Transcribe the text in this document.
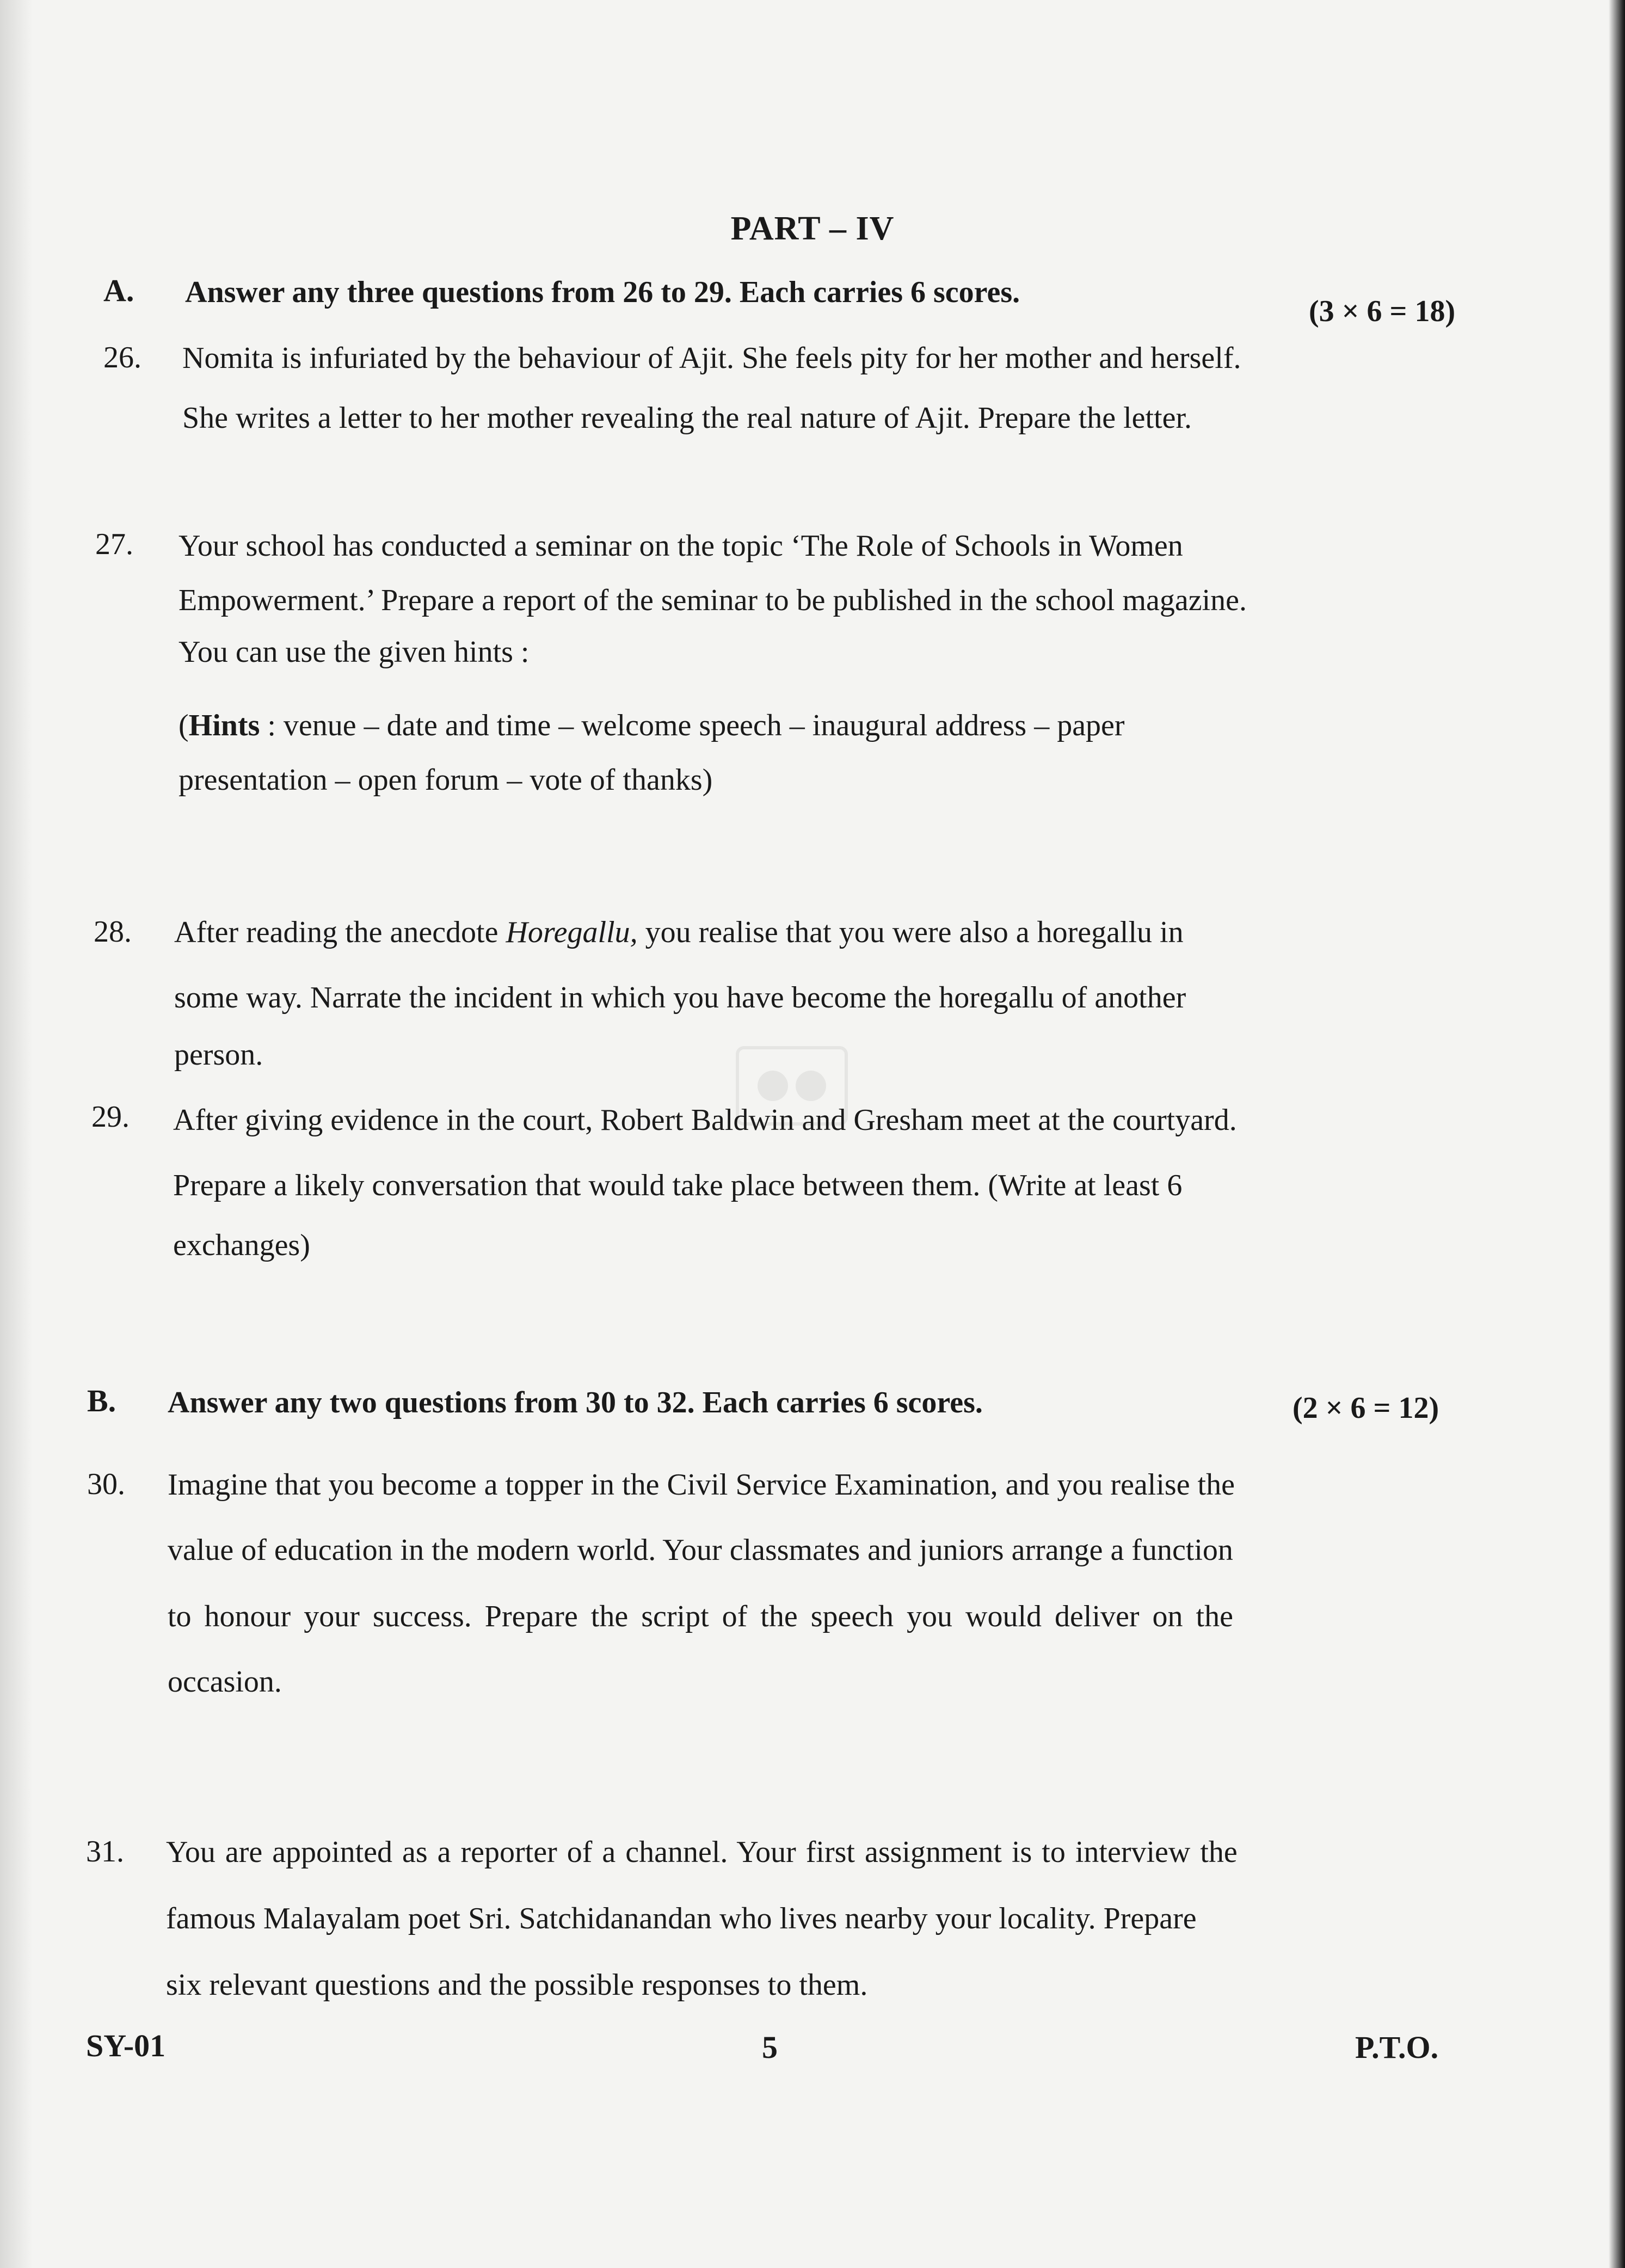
PART – IV
A. Answer any three questions from 26 to 29. Each carries 6 scores.
(3 × 6 = 18)
26. Nomita is infuriated by the behaviour of Ajit. She feels pity for her mother and herself.
She writes a letter to her mother revealing the real nature of Ajit. Prepare the letter.
27. Your school has conducted a seminar on the topic ‘The Role of Schools in Women
Empowerment.’ Prepare a report of the seminar to be published in the school magazine.
You can use the given hints :
(Hints : venue – date and time – welcome speech – inaugural address – paper
presentation – open forum – vote of thanks)
28. After reading the anecdote Horegallu, you realise that you were also a horegallu in
some way. Narrate the incident in which you have become the horegallu of another
person.
29. After giving evidence in the court, Robert Baldwin and Gresham meet at the courtyard.
Prepare a likely conversation that would take place between them. (Write at least 6
exchanges)
B. Answer any two questions from 30 to 32. Each carries 6 scores.	(2 × 6 = 12)
30. Imagine that you become a topper in the Civil Service Examination, and you realise the
value of education in the modern world. Your classmates and juniors arrange a function
to honour your success. Prepare the script of the speech you would deliver on the
occasion.
31. You are appointed as a reporter of a channel. Your first assignment is to interview the
famous Malayalam poet Sri. Satchidanandan who lives nearby your locality. Prepare
six relevant questions and the possible responses to them.
SY-01	5	P.T.O.
